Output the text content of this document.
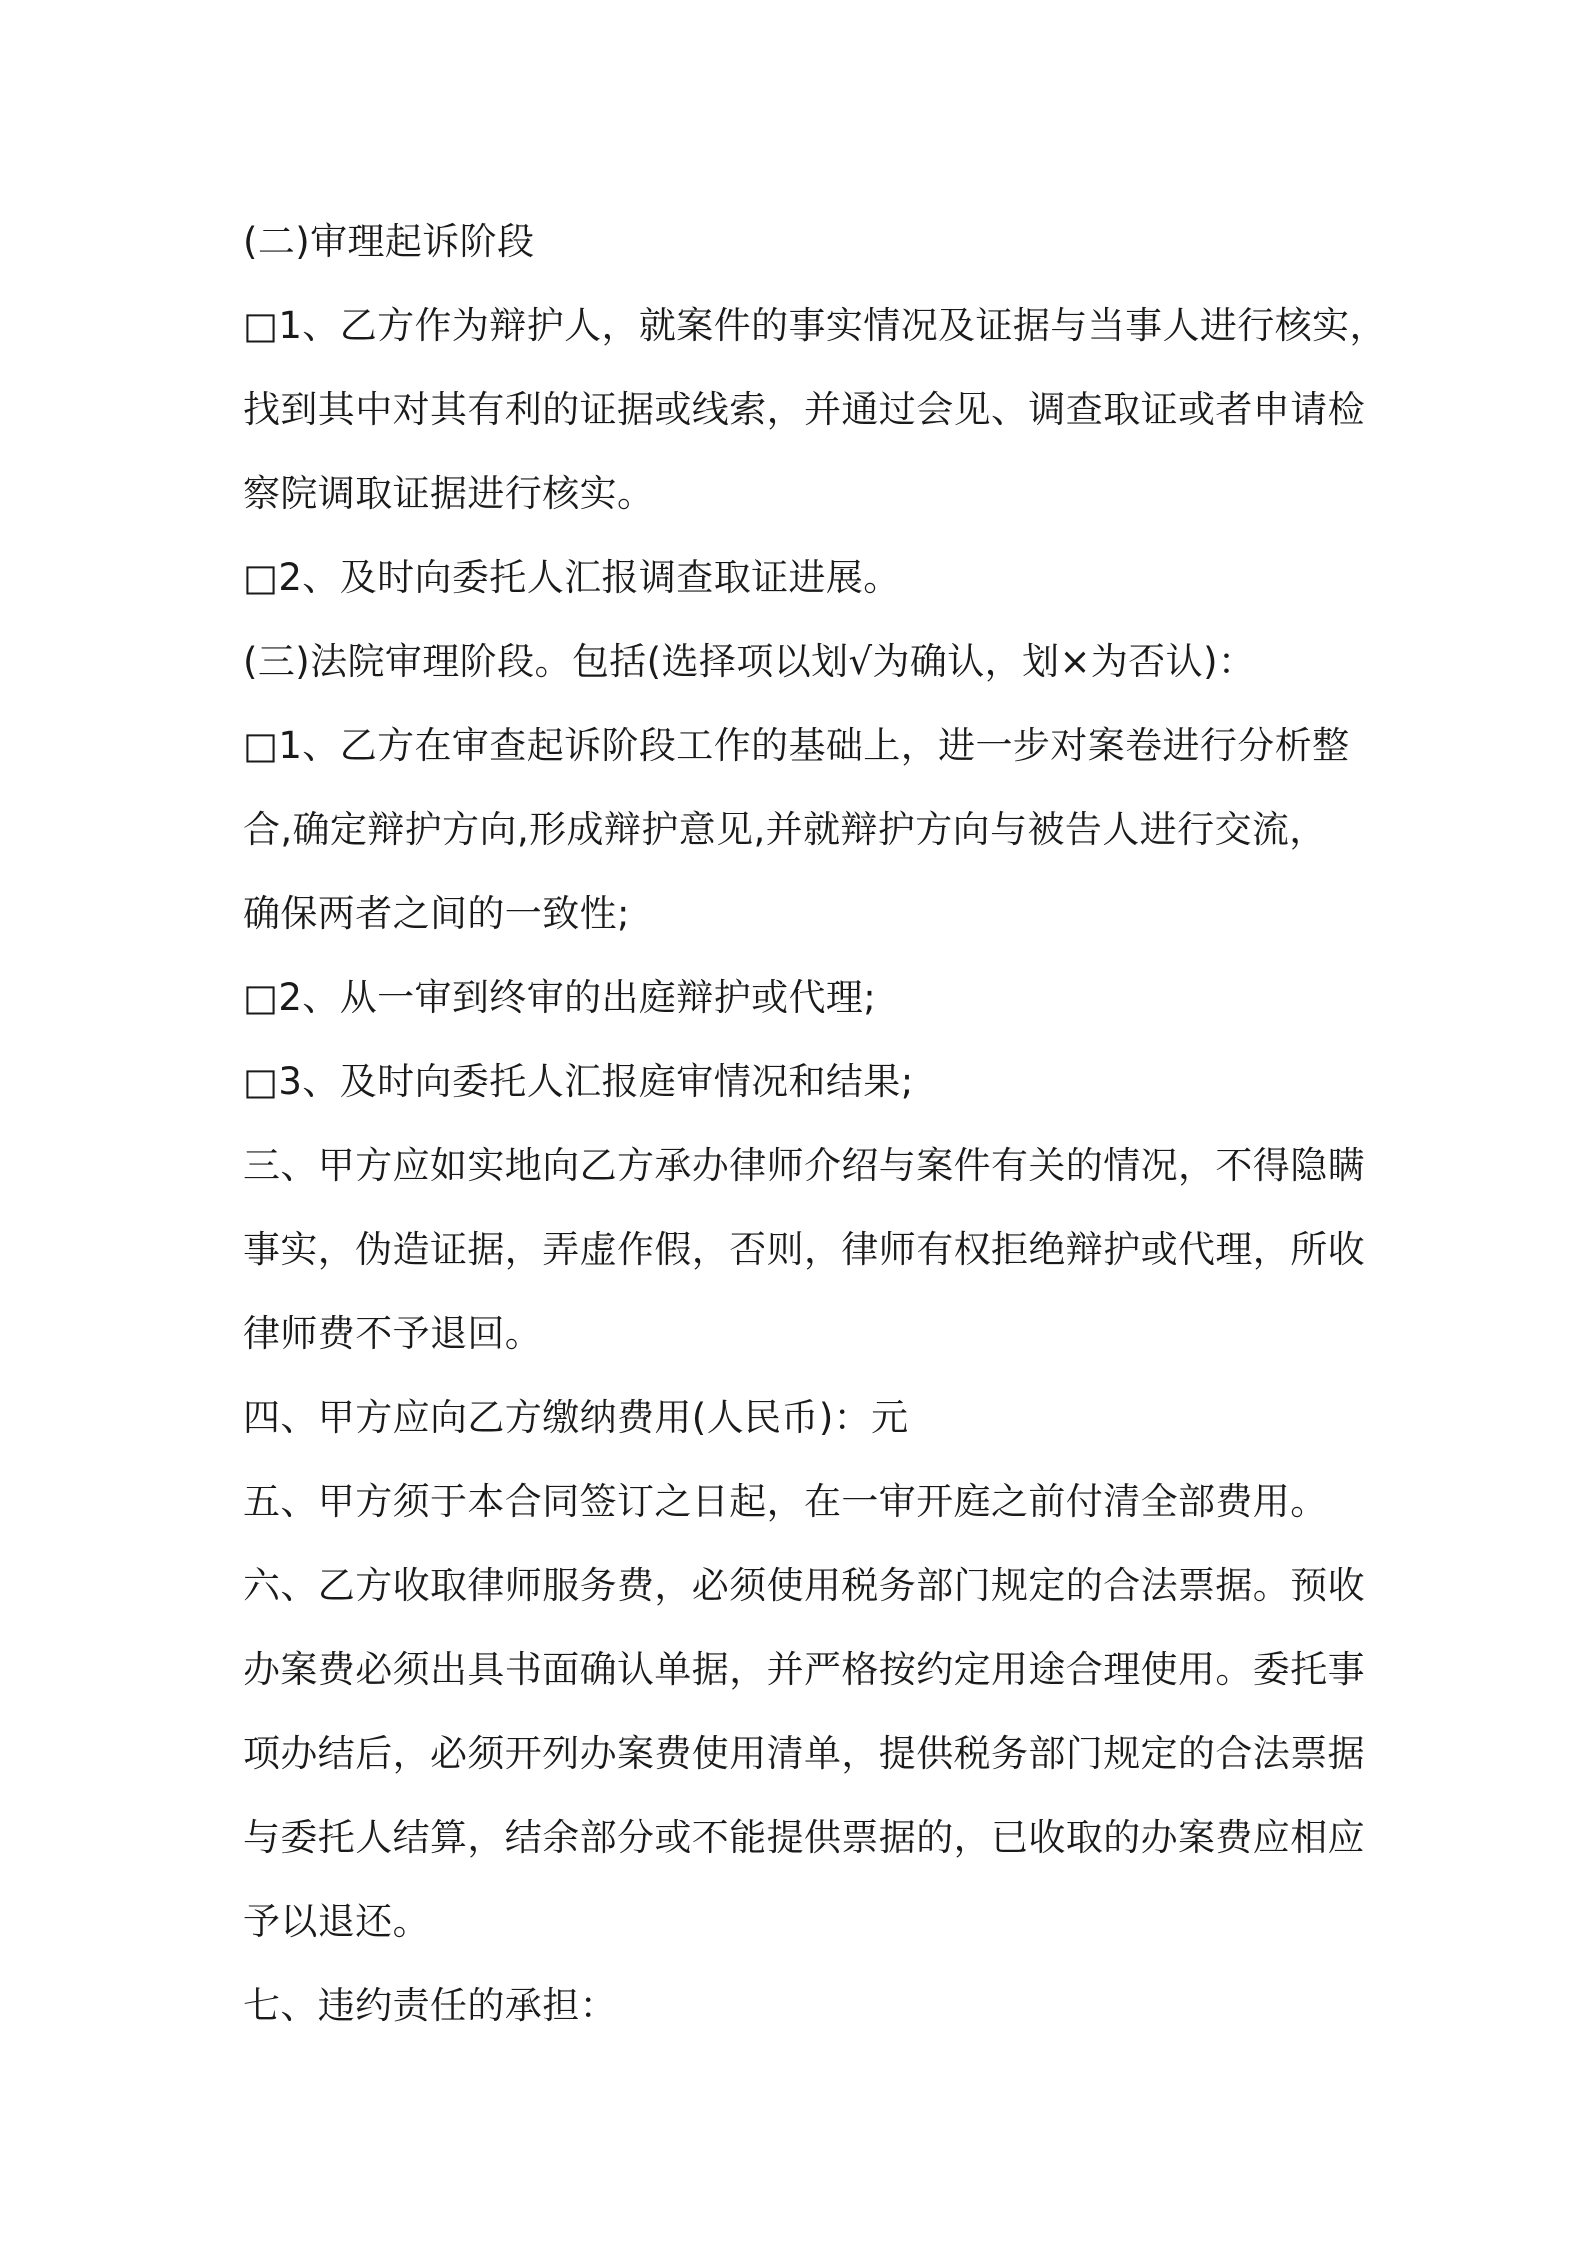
(二)审理起诉阶段
□1、乙方作为辩护人，就案件的事实情况及证据与当事人进行核实，
找到其中对其有利的证据或线索，并通过会见、调查取证或者申请检
察院调取证据进行核实。
□2、及时向委托人汇报调查取证进展。
(三)法院审理阶段。包括(选择项以划√为确认，划×为否认)：
□1、乙方在审查起诉阶段工作的基础上，进一步对案卷进行分析整
合,确定辩护方向,形成辩护意见,并就辩护方向与被告人进行交流，
确保两者之间的一致性;
□2、从一审到终审的出庭辩护或代理;
□3、及时向委托人汇报庭审情况和结果;
三、甲方应如实地向乙方承办律师介绍与案件有关的情况，不得隐瞒
事实，伪造证据，弄虚作假，否则，律师有权拒绝辩护或代理，所收
律师费不予退回。
四、甲方应向乙方缴纳费用(人民币)：元
五、甲方须于本合同签订之日起，在一审开庭之前付清全部费用。
六、乙方收取律师服务费，必须使用税务部门规定的合法票据。预收
办案费必须出具书面确认单据，并严格按约定用途合理使用。委托事
项办结后，必须开列办案费使用清单，提供税务部门规定的合法票据
与委托人结算，结余部分或不能提供票据的，已收取的办案费应相应
予以退还。
七、违约责任的承担：
